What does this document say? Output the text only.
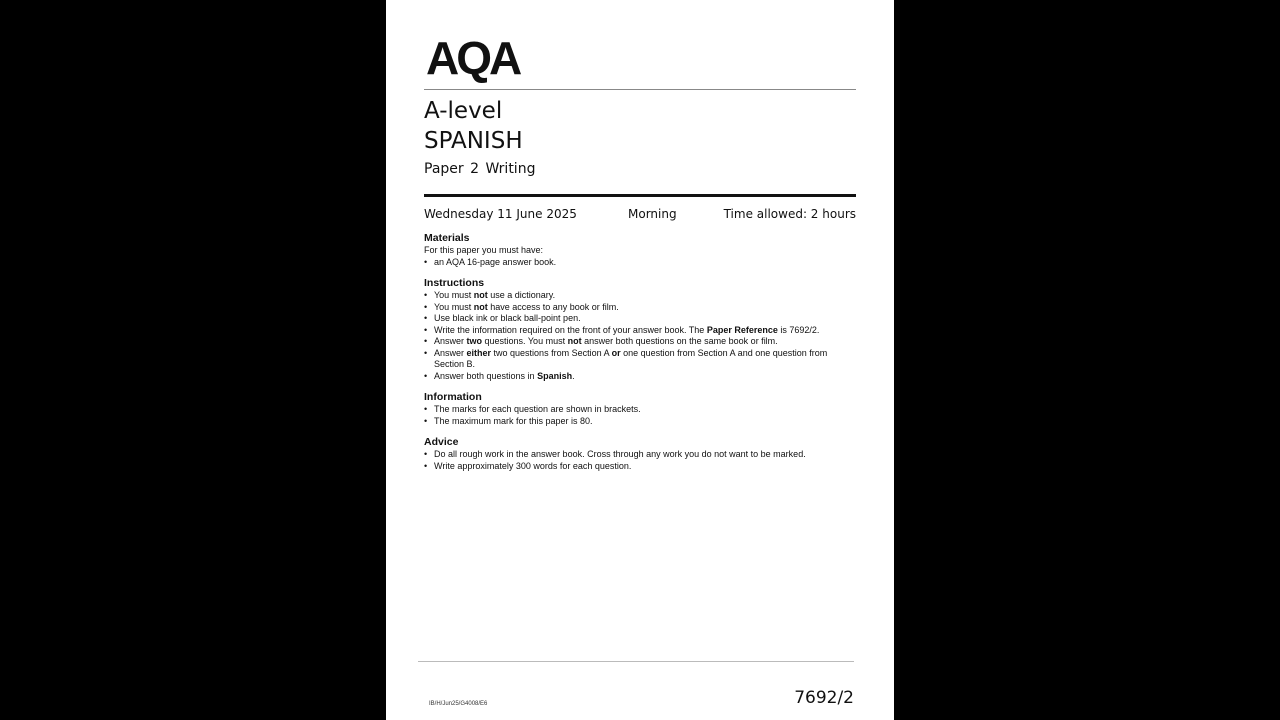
AQA
A-level
SPANISH
Paper 2 Writing
Wednesday 11 June 2025	Morning	Time allowed: 2 hours
Materials
For this paper you must have:
• an AQA 16-page answer book.
Instructions
• You must not use a dictionary.
• You must not have access to any book or film.
• Use black ink or black ball-point pen.
• Write the information required on the front of your answer book. The Paper Reference is 7692/2.
• Answer two questions. You must not answer both questions on the same book or film.
• Answer either two questions from Section A or one question from Section A and one question from Section B.
• Answer both questions in Spanish.
Information
• The marks for each question are shown in brackets.
• The maximum mark for this paper is 80.
Advice
• Do all rough work in the answer book. Cross through any work you do not want to be marked.
• Write approximately 300 words for each question.
IB/H/Jun25/G4008/E6	7692/2
